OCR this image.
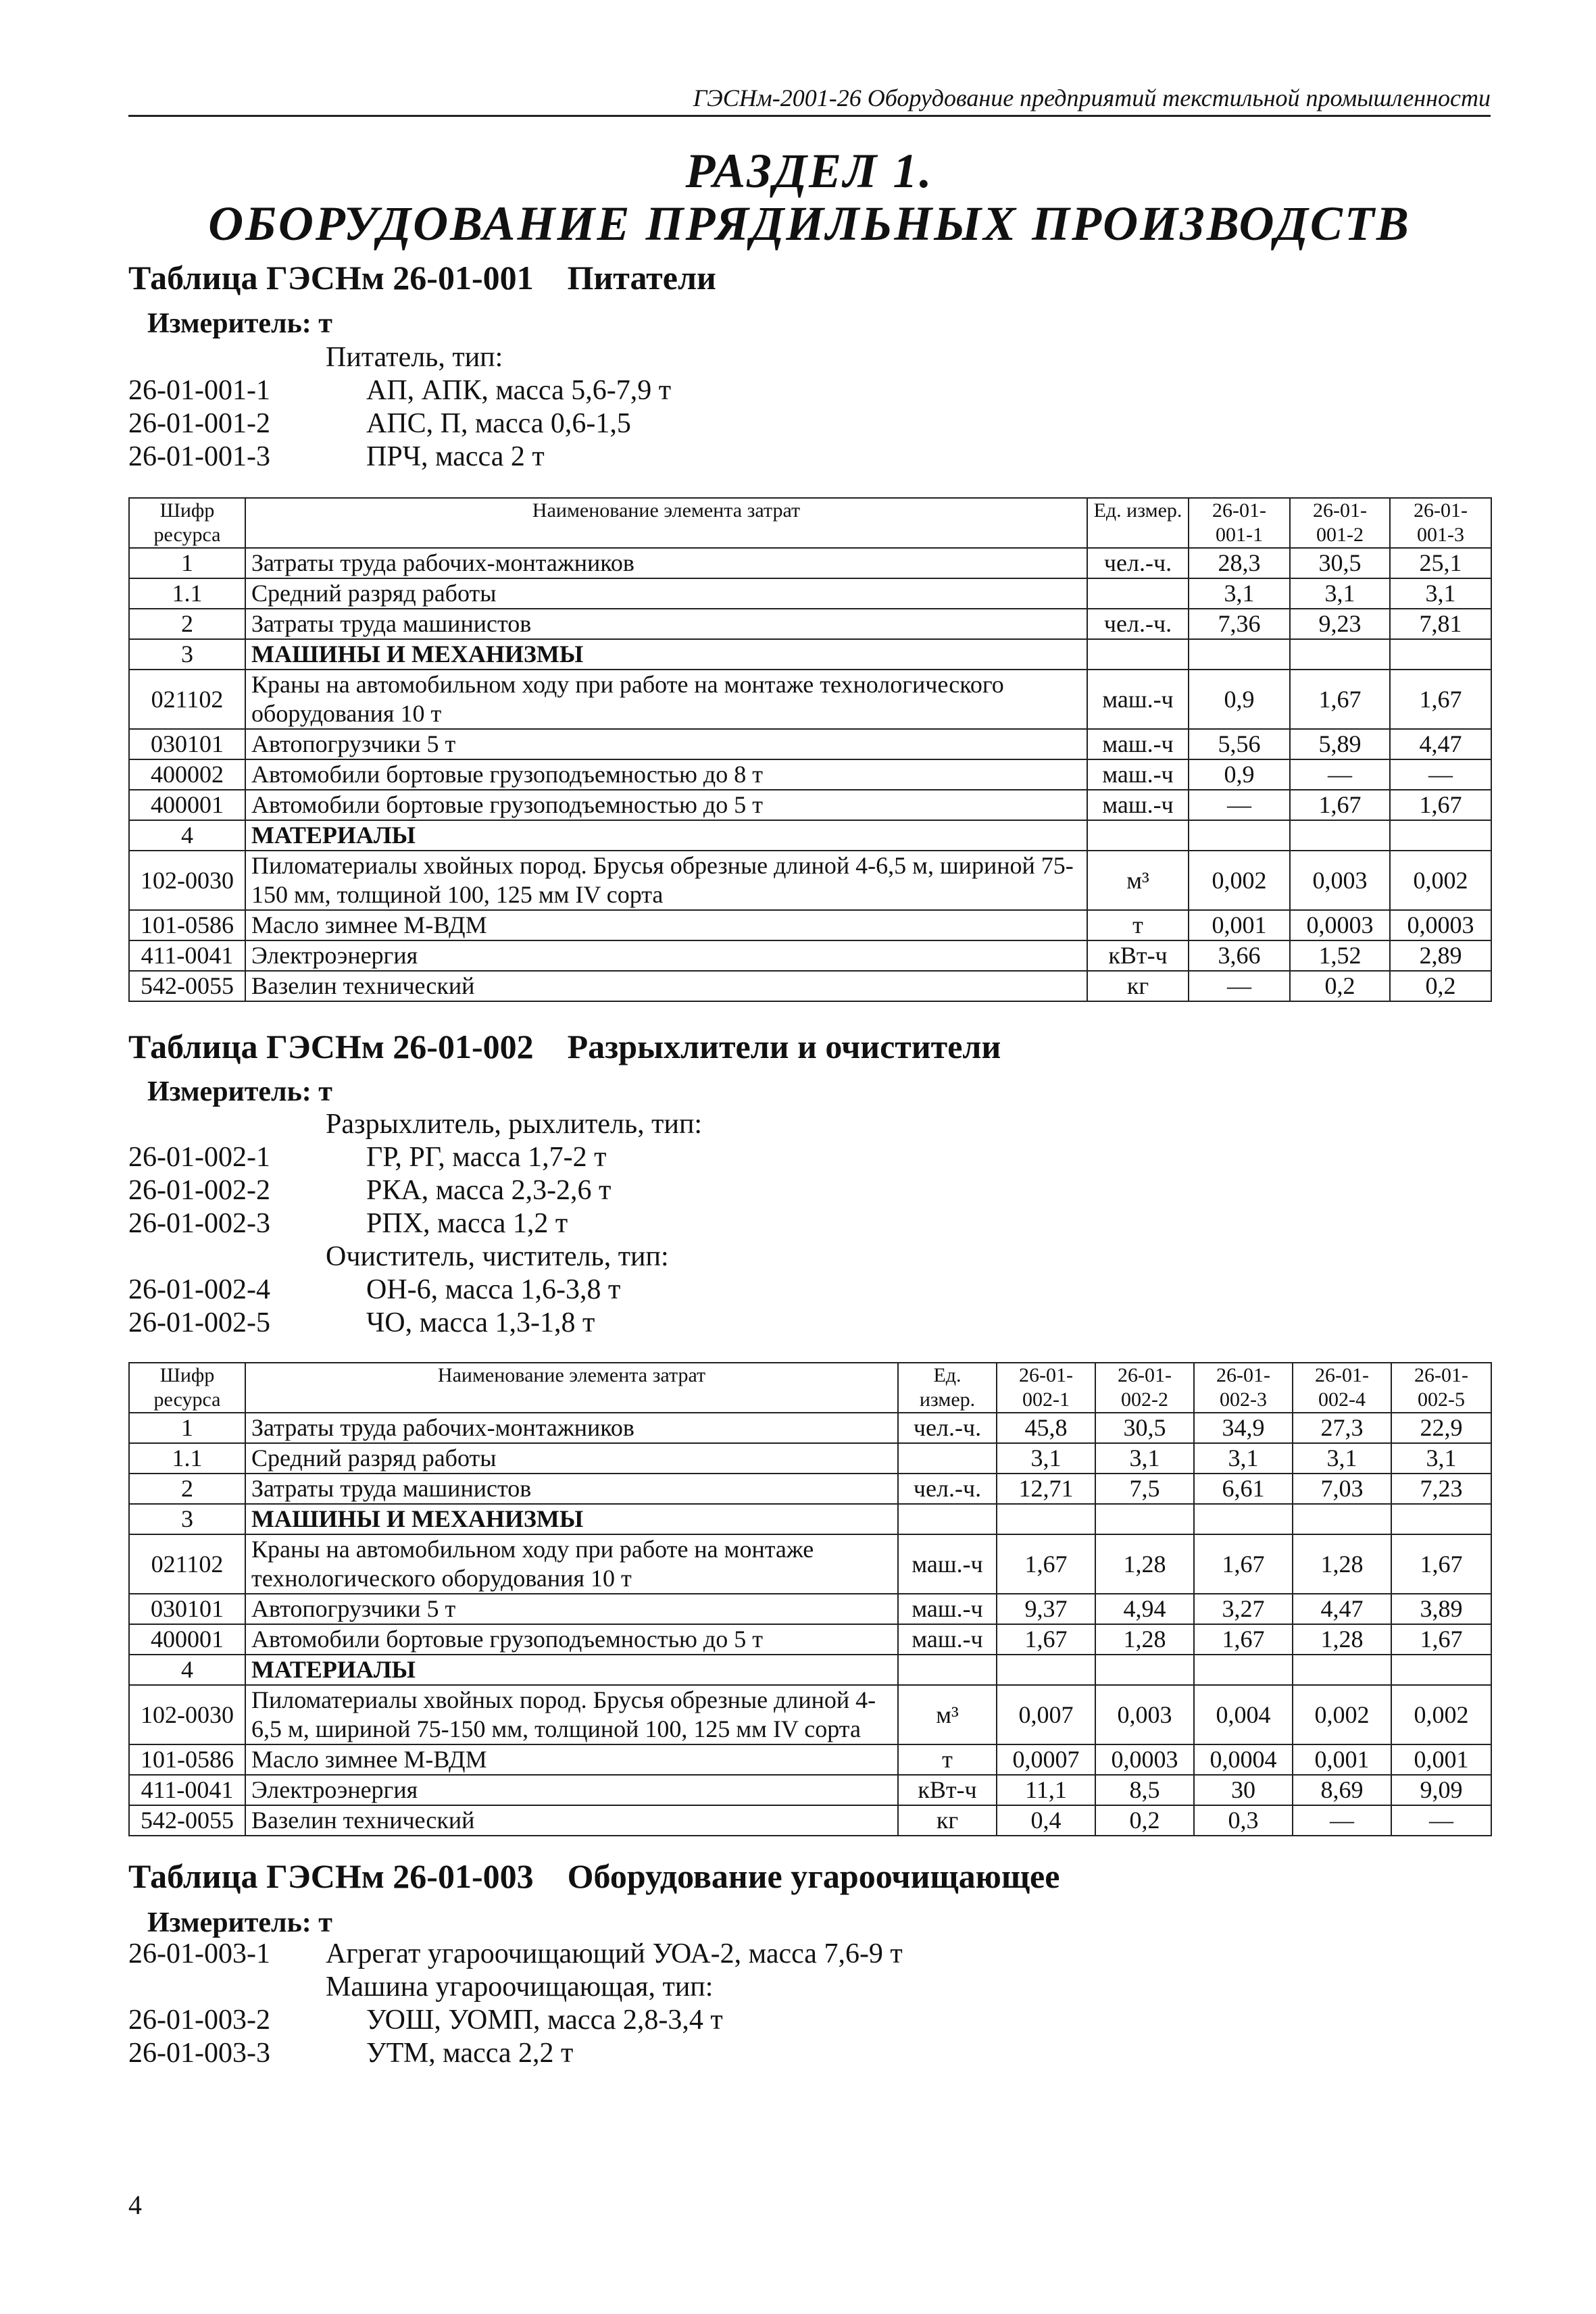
ГЭСНм-2001-26 Оборудование предприятий текстильной промышленности
РАЗДЕЛ 1.
ОБОРУДОВАНИЕ ПРЯДИЛЬНЫХ ПРОИЗВОДСТВ
Таблица ГЭСНм 26-01-001 Питатели
Измеритель: т
Питатель, тип:
26-01-001-1	АП, АПК, масса 5,6-7,9 т
26-01-001-2	АПС, П, масса 0,6-1,5
26-01-001-3	ПРЧ, масса 2 т
Шифр ресурса	Наименование элемента затрат	Ед. измер.	26-01-001-1	26-01-001-2	26-01-001-3
1	Затраты труда рабочих-монтажников	чел.-ч.	28,3	30,5	25,1
1.1	Средний разряд работы		3,1	3,1	3,1
2	Затраты труда машинистов	чел.-ч.	7,36	9,23	7,81
3	МАШИНЫ И МЕХАНИЗМЫ				
021102	Краны на автомобильном ходу при работе на монтаже технологического оборудования 10 т	маш.-ч	0,9	1,67	1,67
030101	Автопогрузчики 5 т	маш.-ч	5,56	5,89	4,47
400002	Автомобили бортовые грузоподъемностью до 8 т	маш.-ч	0,9	—	—
400001	Автомобили бортовые грузоподъемностью до 5 т	маш.-ч	—	1,67	1,67
4	МАТЕРИАЛЫ				
102-0030	Пиломатериалы хвойных пород. Брусья обрезные длиной 4-6,5 м, шириной 75-150 мм, толщиной 100, 125 мм IV сорта	м³	0,002	0,003	0,002
101-0586	Масло зимнее М-ВДМ	т	0,001	0,0003	0,0003
411-0041	Электроэнергия	кВт-ч	3,66	1,52	2,89
542-0055	Вазелин технический	кг	—	0,2	0,2
Таблица ГЭСНм 26-01-002 Разрыхлители и очистители
Измеритель: т
Разрыхлитель, рыхлитель, тип:
26-01-002-1	ГР, РГ, масса 1,7-2 т
26-01-002-2	РКА, масса 2,3-2,6 т
26-01-002-3	РПХ, масса 1,2 т
Очиститель, чиститель, тип:
26-01-002-4	ОН-6, масса 1,6-3,8 т
26-01-002-5	ЧО, масса 1,3-1,8 т
Шифр ресурса	Наименование элемента затрат	Ед. измер.	26-01-002-1	26-01-002-2	26-01-002-3	26-01-002-4	26-01-002-5
1	Затраты труда рабочих-монтажников	чел.-ч.	45,8	30,5	34,9	27,3	22,9
1.1	Средний разряд работы		3,1	3,1	3,1	3,1	3,1
2	Затраты труда машинистов	чел.-ч.	12,71	7,5	6,61	7,03	7,23
3	МАШИНЫ И МЕХАНИЗМЫ						
021102	Краны на автомобильном ходу при работе на монтаже технологического оборудования 10 т	маш.-ч	1,67	1,28	1,67	1,28	1,67
030101	Автопогрузчики 5 т	маш.-ч	9,37	4,94	3,27	4,47	3,89
400001	Автомобили бортовые грузоподъемностью до 5 т	маш.-ч	1,67	1,28	1,67	1,28	1,67
4	МАТЕРИАЛЫ						
102-0030	Пиломатериалы хвойных пород. Брусья обрезные длиной 4-6,5 м, шириной 75-150 мм, толщиной 100, 125 мм IV сорта	м³	0,007	0,003	0,004	0,002	0,002
101-0586	Масло зимнее М-ВДМ	т	0,0007	0,0003	0,0004	0,001	0,001
411-0041	Электроэнергия	кВт-ч	11,1	8,5	30	8,69	9,09
542-0055	Вазелин технический	кг	0,4	0,2	0,3	—	—
Таблица ГЭСНм 26-01-003 Оборудование угароочищающее
Измеритель: т
26-01-003-1 Агрегат угароочищающий УОА-2, масса 7,6-9 т
Машина угароочищающая, тип:
26-01-003-2	УОШ, УОМП, масса 2,8-3,4 т
26-01-003-3	УТМ, масса 2,2 т
4
